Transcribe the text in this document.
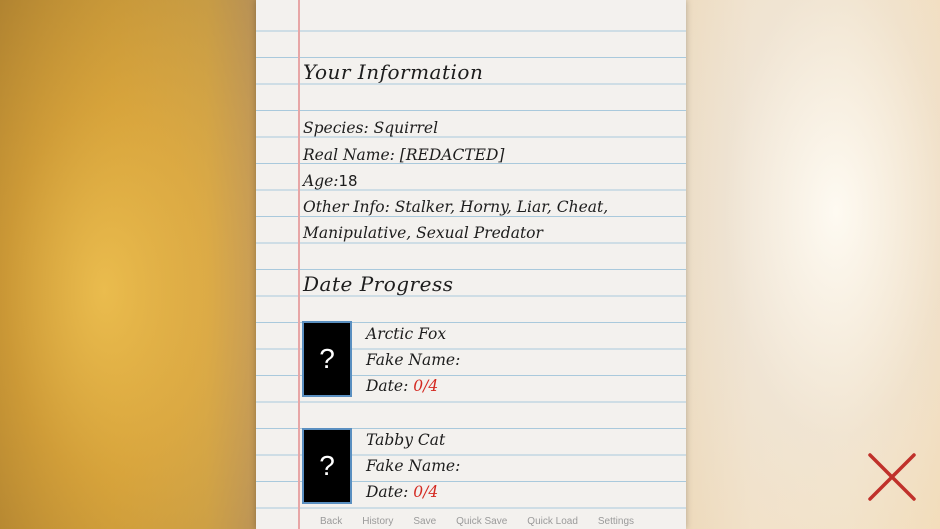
Your Information
Species: Squirrel
Real Name: [REDACTED]
Age:18
Other Info: Stalker, Horny, Liar, Cheat,
Manipulative, Sexual Predator
Date Progress
?
Arctic Fox
Fake Name:
Date: 0/4
?
Tabby Cat
Fake Name:
Date: 0/4
Back History Save Quick Save Quick Load Settings
